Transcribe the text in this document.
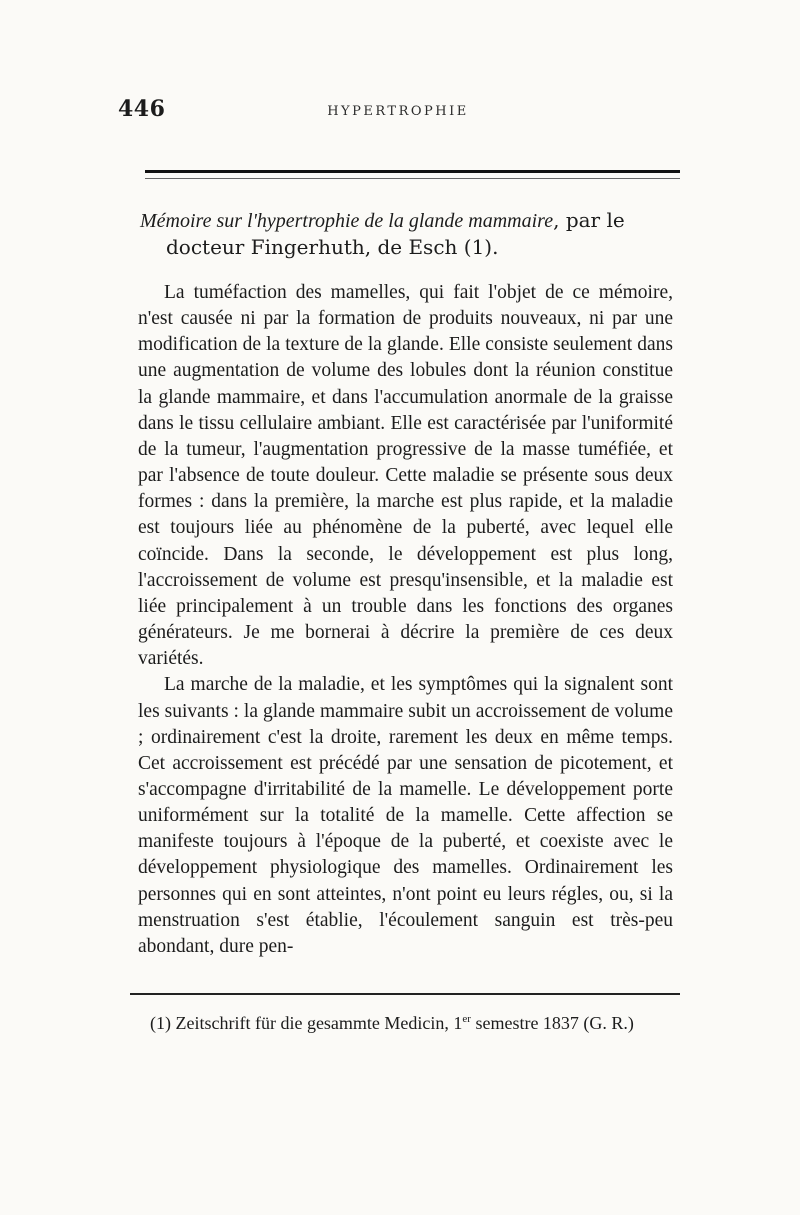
446	HYPERTROPHIE
Mémoire sur l'hypertrophie de la glande mammaire, par le
docteur Fingerhuth, de Esch (1).

La tuméfaction des mamelles, qui fait l'objet de ce mémoire, n'est causée ni par la formation de produits nouveaux, ni par une modification de la texture de la glande. Elle consiste seulement dans une augmentation de volume des lobules dont la réunion constitue la glande mammaire, et dans l'accumulation anormale de la graisse dans le tissu cellulaire ambiant. Elle est caractérisée par l'uniformité de la tumeur, l'augmentation progressive de la masse tuméfiée, et par l'absence de toute douleur. Cette maladie se présente sous deux formes : dans la première, la marche est plus rapide, et la maladie est toujours liée au phénomène de la puberté, avec lequel elle coïncide. Dans la seconde, le développement est plus long, l'accroissement de volume est presqu'insensible, et la maladie est liée principalement à un trouble dans les fonctions des organes générateurs. Je me bornerai à décrire la première de ces deux variétés.

La marche de la maladie, et les symptômes qui la signalent sont les suivants : la glande mammaire subit un accroissement de volume ; ordinairement c'est la droite, rarement les deux en même temps. Cet accroissement est précédé par une sensation de picotement, et s'accompagne d'irritabilité de la mamelle. Le développement porte uniformément sur la totalité de la mamelle. Cette affection se manifeste toujours à l'époque de la puberté, et coexiste avec le développement physiologique des mamelles. Ordinairement les personnes qui en sont atteintes, n'ont point eu leurs régles, ou, si la menstruation s'est établie, l'écoulement sanguin est très-peu abondant, dure pen-

(1) Zeitschrift für die gesammte Medicin, 1er semestre 1837 (G. R.)
